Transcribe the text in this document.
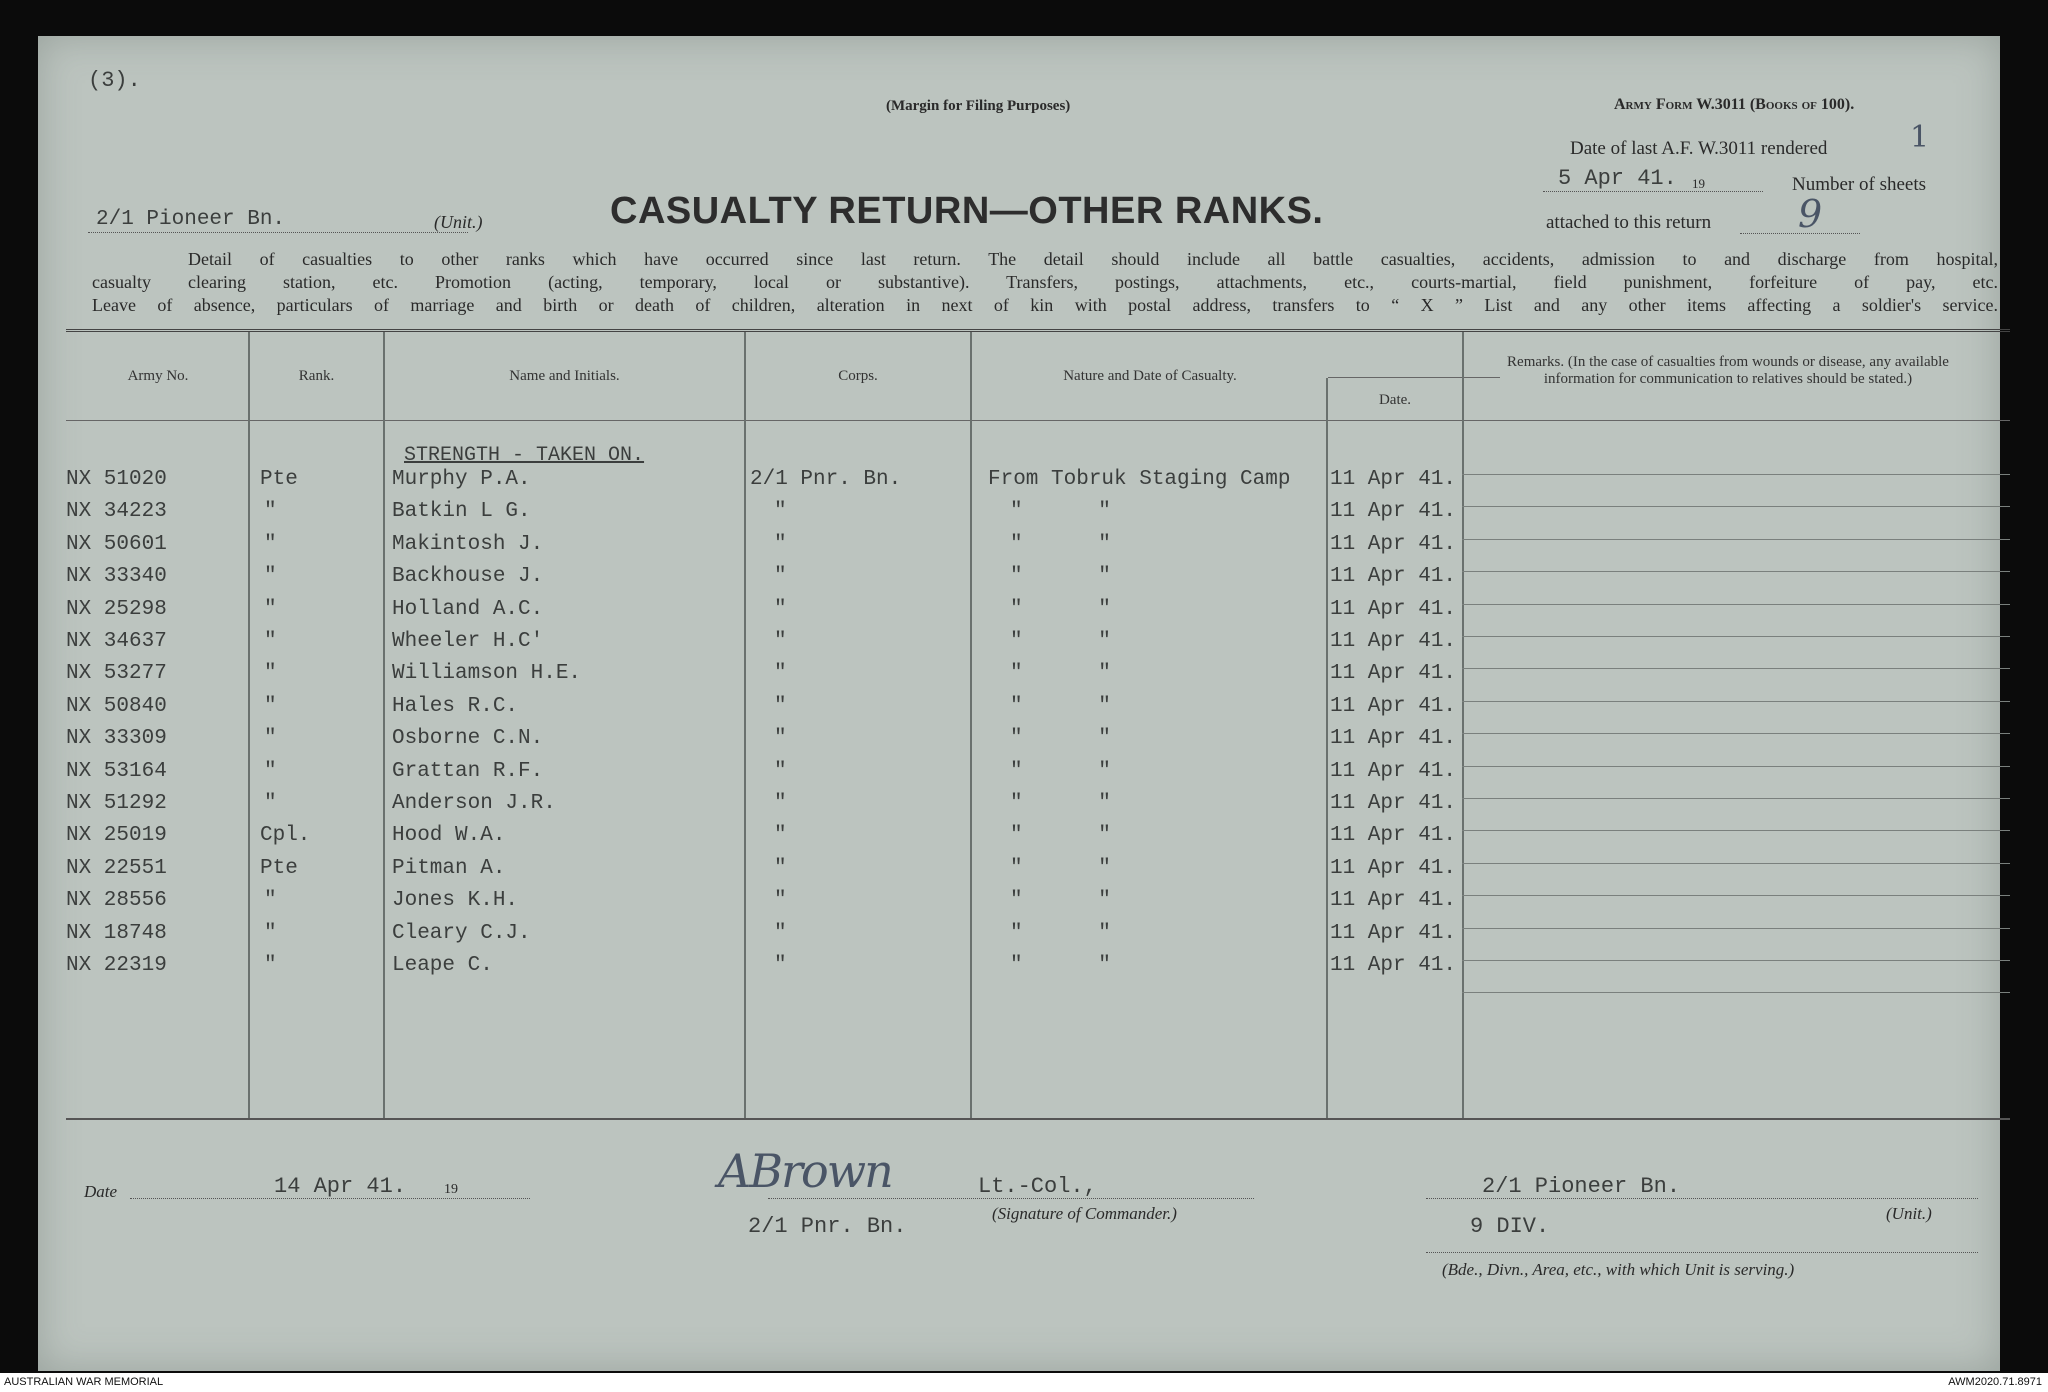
(3).
(Margin for Filing Purposes)	Army Form W.3011 (Books of 100).
1
Date of last A.F. W.3011 rendered
5 Apr 41. 19	Number of sheets
2/1 Pioneer Bn.	(Unit.)	CASUALTY RETURN—OTHER RANKS.	attached to this return 9
Detail of casualties to other ranks which have occurred since last return. The detail should include all battle casualties, accidents, admission to and discharge from hospital,
casualty clearing station, etc. Promotion (acting, temporary, local or substantive). Transfers, postings, attachments, etc., courts-martial, field punishment, forfeiture of pay, etc.
Leave of absence, particulars of marriage and birth or death of children, alteration in next of kin with postal address, transfers to “ X ” List and any other items affecting a soldier's service.
Army No.	Rank.	Name and Initials.	Corps.	Nature and Date of Casualty.
Date.
Remarks. (In the case of casualties from wounds or disease, any available information for communication to relatives should be stated.)
STRENGTH - TAKEN ON.
NX 51020	Pte	Murphy P.A.	2/1 Pnr. Bn.	From Tobruk Staging Camp 11 Apr 41.
NX 34223	"	Batkin L G.	"	"      "	11 Apr 41.
NX 50601	"	Makintosh J.	"	"      "	11 Apr 41.
NX 33340	"	Backhouse J.	"	"      "	11 Apr 41.
NX 25298	"	Holland A.C.	"	"      "	11 Apr 41.
NX 34637	"	Wheeler H.C'	"	"      "	11 Apr 41.
NX 53277	"	Williamson H.E.	"	"      "	11 Apr 41.
NX 50840	"	Hales R.C.	"	"      "	11 Apr 41.
NX 33309	"	Osborne C.N.	"	"      "	11 Apr 41.
NX 53164	"	Grattan R.F.	"	"      "	11 Apr 41.
NX 51292	"	Anderson J.R.	"	"      "	11 Apr 41.
NX 25019	Cpl.	Hood W.A.	"	"      "	11 Apr 41.
NX 22551	Pte	Pitman A.	"	"      "	11 Apr 41.
NX 28556	"	Jones K.H.	"	"      "	11 Apr 41.
NX 18748	"	Cleary C.J.	"	"      "	11 Apr 41.
NX 22319	"	Leape C.	"	"      "	11 Apr 41.
Date	14 Apr 41.	19	ABrown	Lt.-Col.,
(Signature of Commander.)
2/1 Pnr. Bn.
2/1 Pioneer Bn.
(Unit.)
9 DIV.
(Bde., Divn., Area, etc., with which Unit is serving.)
AUSTRALIAN WAR MEMORIAL	AWM2020.71.8971
